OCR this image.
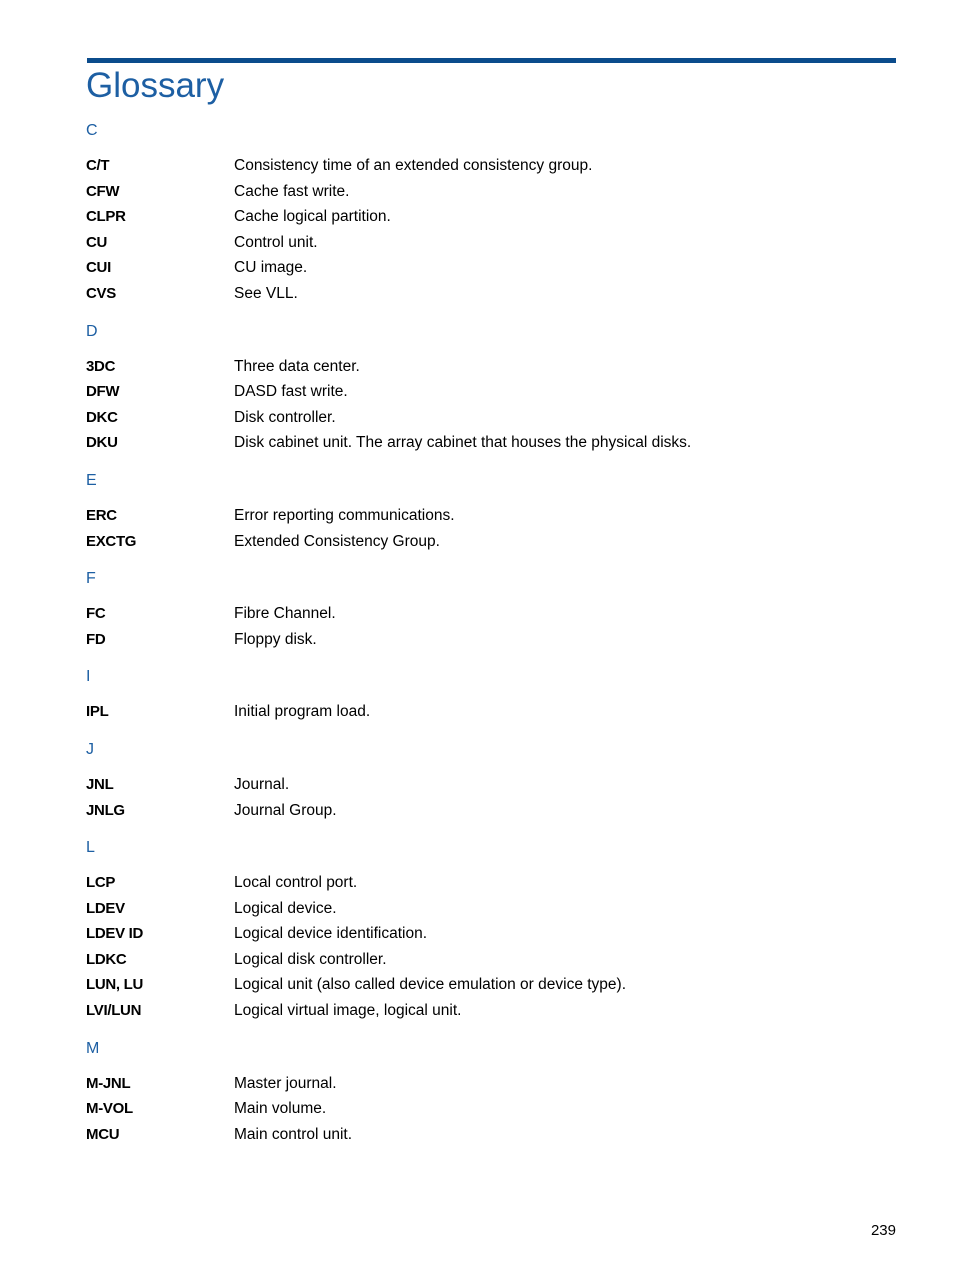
Glossary
C
C/T	Consistency time of an extended consistency group.
CFW	Cache fast write.
CLPR	Cache logical partition.
CU	Control unit.
CUI	CU image.
CVS	See VLL.
D
3DC	Three data center.
DFW	DASD fast write.
DKC	Disk controller.
DKU	Disk cabinet unit. The array cabinet that houses the physical disks.
E
ERC	Error reporting communications.
EXCTG	Extended Consistency Group.
F
FC	Fibre Channel.
FD	Floppy disk.
I
IPL	Initial program load.
J
JNL	Journal.
JNLG	Journal Group.
L
LCP	Local control port.
LDEV	Logical device.
LDEV ID	Logical device identification.
LDKC	Logical disk controller.
LUN, LU	Logical unit (also called device emulation or device type).
LVI/LUN	Logical virtual image, logical unit.
M
M-JNL	Master journal.
M-VOL	Main volume.
MCU	Main control unit.
239
